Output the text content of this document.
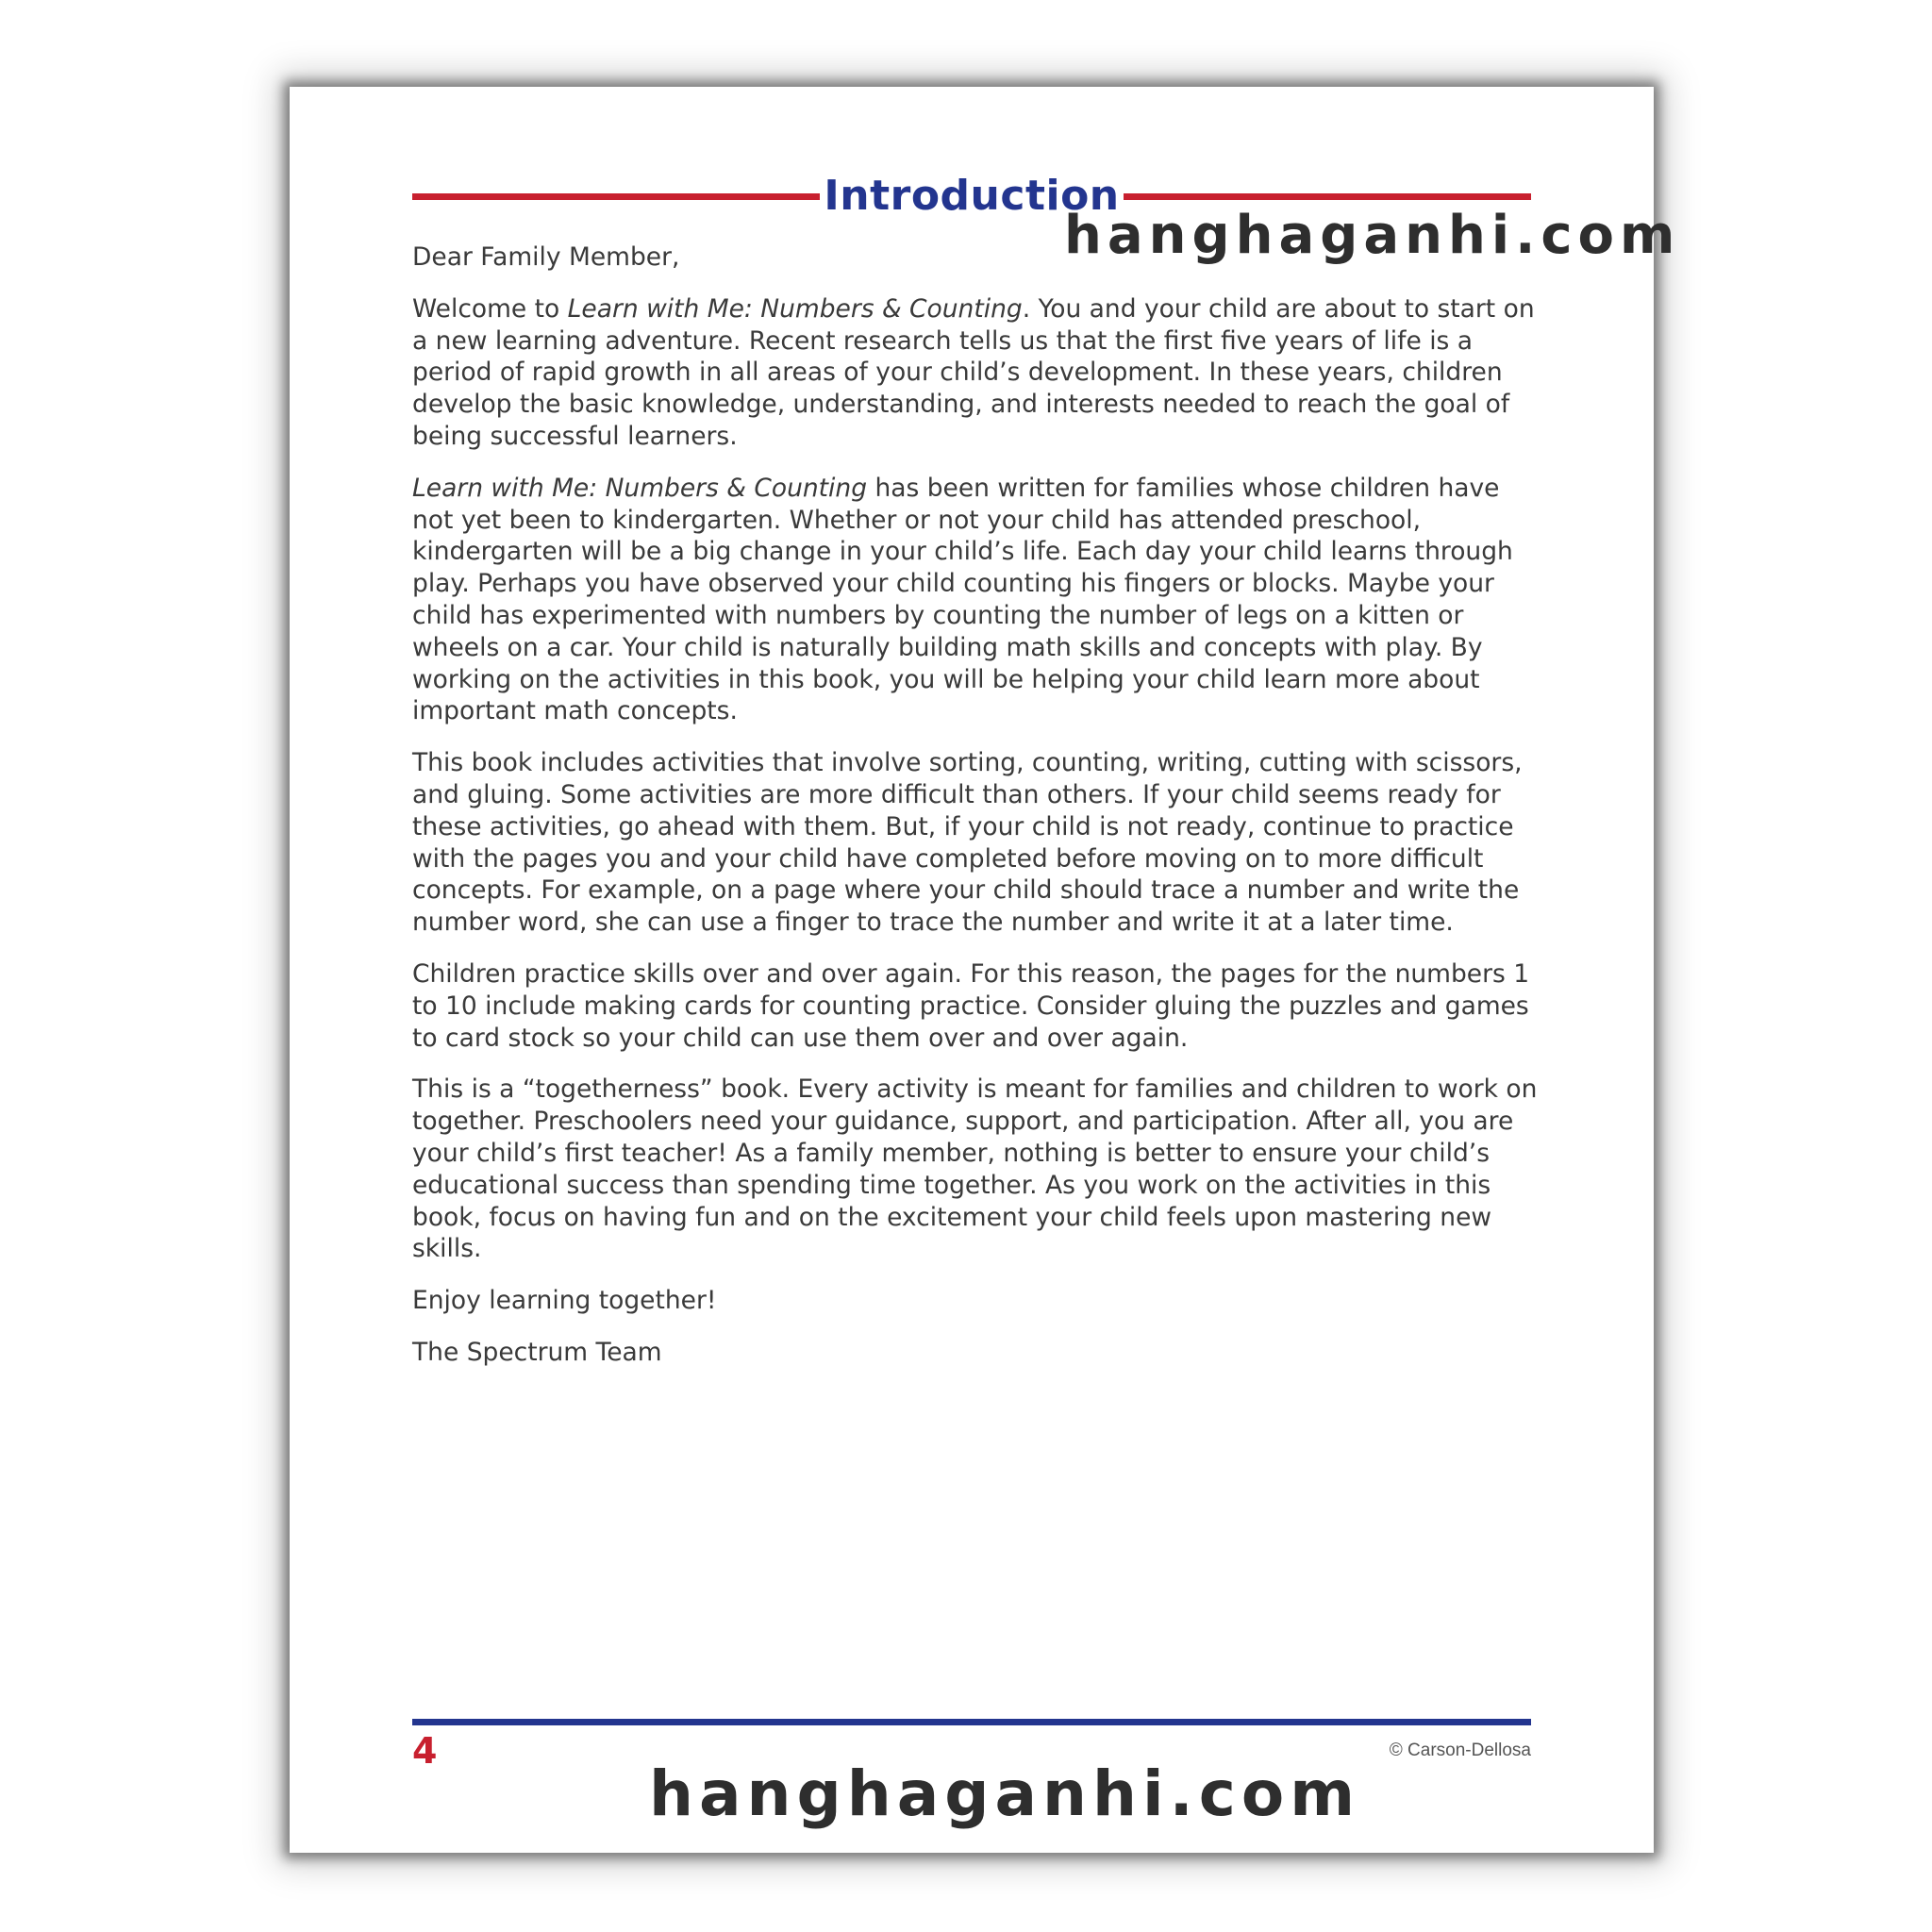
Introduction

Dear Family Member,

Welcome to Learn with Me: Numbers & Counting. You and your child are about to start on a new learning adventure. Recent research tells us that the first five years of life is a period of rapid growth in all areas of your child’s development. In these years, children develop the basic knowledge, understanding, and interests needed to reach the goal of being successful learners.

Learn with Me: Numbers & Counting has been written for families whose children have not yet been to kindergarten. Whether or not your child has attended preschool, kindergarten will be a big change in your child’s life. Each day your child learns through play. Perhaps you have observed your child counting his fingers or blocks. Maybe your child has experimented with numbers by counting the number of legs on a kitten or wheels on a car. Your child is naturally building math skills and concepts with play. By working on the activities in this book, you will be helping your child learn more about important math concepts.

This book includes activities that involve sorting, counting, writing, cutting with scissors, and gluing. Some activities are more difficult than others. If your child seems ready for these activities, go ahead with them. But, if your child is not ready, continue to practice with the pages you and your child have completed before moving on to more difficult concepts. For example, on a page where your child should trace a number and write the number word, she can use a finger to trace the number and write it at a later time.

Children practice skills over and over again. For this reason, the pages for the numbers 1 to 10 include making cards for counting practice. Consider gluing the puzzles and games to card stock so your child can use them over and over again.

This is a “togetherness” book. Every activity is meant for families and children to work on together. Preschoolers need your guidance, support, and participation. After all, you are your child’s first teacher! As a family member, nothing is better to ensure your child’s educational success than spending time together. As you work on the activities in this book, focus on having fun and on the excitement your child feels upon mastering new skills.

Enjoy learning together!

The Spectrum Team

4	© Carson-Dellosa
hanghaganhi.com
hanghaganhi.com
